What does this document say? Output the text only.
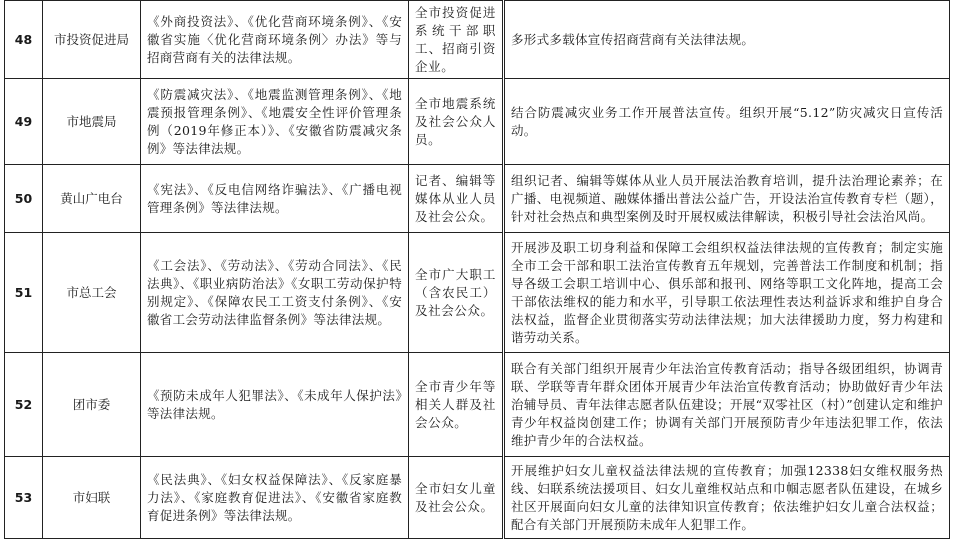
48	市投资促进局	《外商投资法》、《优化营商环境条例》、《安徽省实施〈优化营商环境条例〉办法》等与招商营商有关的法律法规。	全市投资促进系统干部职工、招商引资企业。	多形式多载体宣传招商营商有关法律法规。
49	市地震局	《防震减灾法》、《地震监测管理条例》、《地震预报管理条例》、《地震安全性评价管理条例（2019年修正本）》、《安徽省防震减灾条例》等法律法规。	全市地震系统及社会公众人员。	结合防震减灾业务工作开展普法宣传。组织开展“5.12”防灾减灾日宣传活动。
50	黄山广电台	《宪法》、《反电信网络诈骗法》、《广播电视管理条例》等法律法规。	记者、编辑等媒体从业人员及社会公众。	组织记者、编辑等媒体从业人员开展法治教育培训，提升法治理论素养；在广播、电视频道、融媒体播出普法公益广告，开设法治宣传教育专栏（题），针对社会热点和典型案例及时开展权威法律解读，积极引导社会法治风尚。
51	市总工会	《工会法》、《劳动法》、《劳动合同法》、《民法典》、《职业病防治法》《女职工劳动保护特别规定》、《保障农民工工资支付条例》、《安徽省工会劳动法律监督条例》等法律法规。	全市广大职工（含农民工）及社会公众。	开展涉及职工切身利益和保障工会组织权益法律法规的宣传教育；制定实施全市工会干部和职工法治宣传教育五年规划，完善普法工作制度和机制；指导各级工会职工培训中心、俱乐部和报刊、网络等职工文化阵地，提高工会干部依法维权的能力和水平，引导职工依法理性表达利益诉求和维护自身合法权益，监督企业贯彻落实劳动法律法规；加大法律援助力度，努力构建和谐劳动关系。
52	团市委	《预防未成年人犯罪法》、《未成年人保护法》等法律法规。	全市青少年等相关人群及社会公众。	联合有关部门组织开展青少年法治宣传教育活动；指导各级团组织，协调青联、学联等青年群众团体开展青少年法治宣传教育活动；协助做好青少年法治辅导员、青年法律志愿者队伍建设；开展“双零社区（村）”创建认定和维护青少年权益岗创建工作；协调有关部门开展预防青少年违法犯罪工作，依法维护青少年的合法权益。
53	市妇联	《民法典》、《妇女权益保障法》、《反家庭暴力法》、《家庭教育促进法》、《安徽省家庭教育促进条例》等法律法规。	全市妇女儿童及社会公众。	开展维护妇女儿童权益法律法规的宣传教育；加强12338妇女维权服务热线、妇联系统法援项目、妇女儿童维权站点和巾帼志愿者队伍建设，在城乡社区开展面向妇女儿童的法律知识宣传教育；依法维护妇女儿童合法权益；配合有关部门开展预防未成年人犯罪工作。
